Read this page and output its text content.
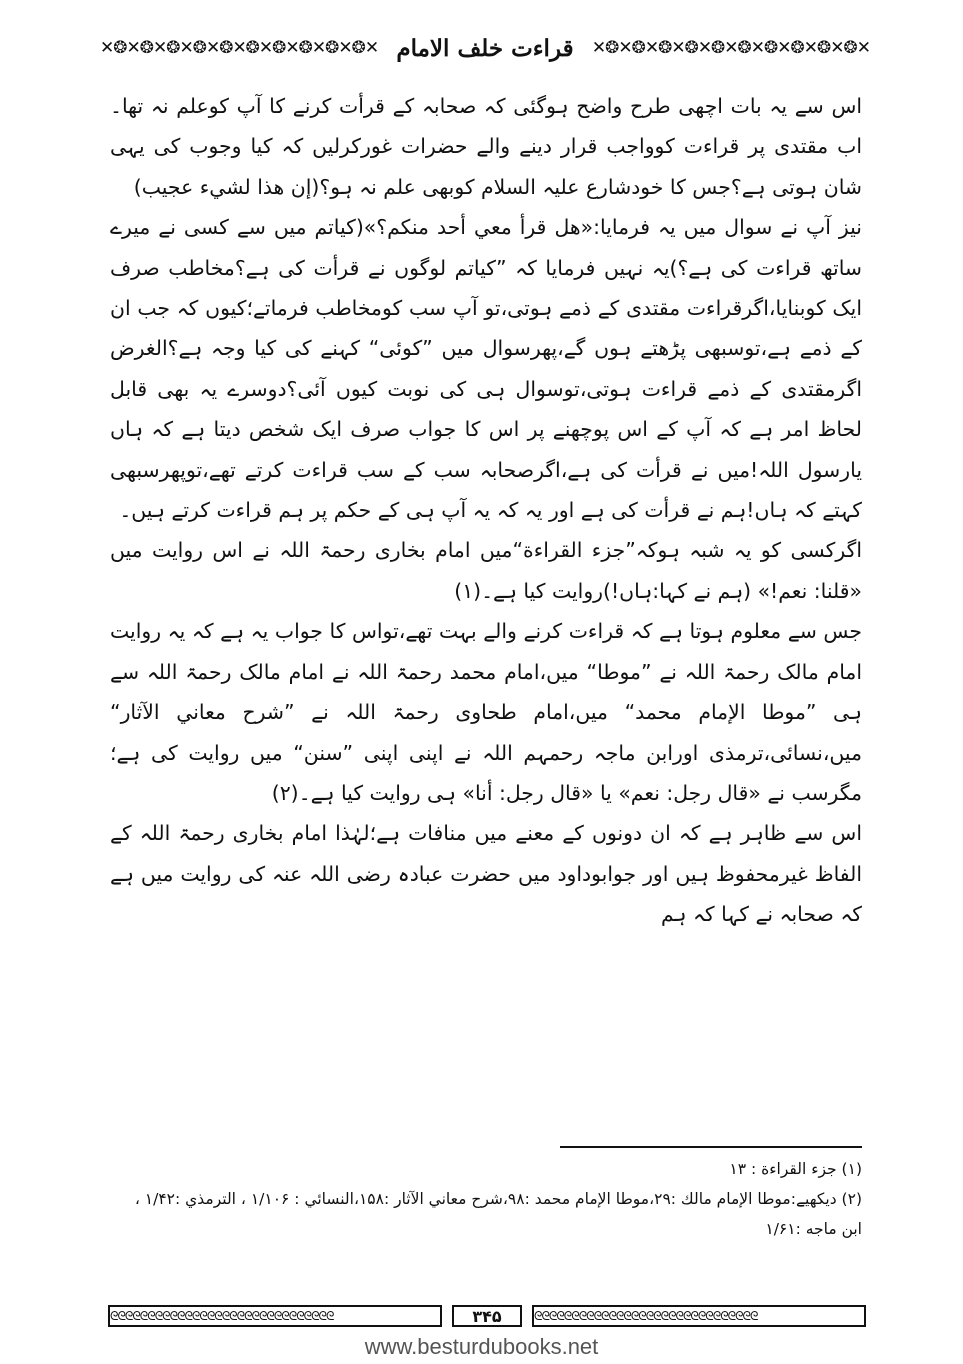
✕❂✕❂✕❂✕❂✕❂✕❂✕❂✕❂✕❂✕❂✕ قراءت خلف الامام	✕❂✕❂✕❂✕❂✕❂✕❂✕❂✕❂✕❂✕❂✕

اس سے یہ بات اچھی طرح واضح ہوگئی کہ صحابہ کے قرأت کرنے کا آپ کوعلم نہ تھا۔اب مقتدی پر قراءت کوواجب قرار دینے والے حضرات غورکرلیں کہ کیا وجوب کی یہی شان ہوتی ہے؟جس کا خودشارع علیہ السلام کوبھی علم نہ ہو؟(إن هذا لشيء عجيب)

نیز آپ نے سوال میں یہ فرمایا:«هل قرأ معي أحد منكم؟»(کیاتم میں سے کسی نے میرے ساتھ قراءت کی ہے؟)یہ نہیں فرمایا کہ ”کیاتم لوگوں نے قرأت کی ہے؟مخاطب صرف ایک کوبنایا،اگرقراءت مقتدی کے ذمے ہوتی،تو آپ سب کومخاطب فرماتے؛کیوں کہ جب ان کے ذمے ہے،توسبھی پڑھتے ہوں گے،پھرسوال میں ”کوئی“ کہنے کی کیا وجہ ہے؟الغرض اگرمقتدی کے ذمے قراءت ہوتی،توسوال ہی کی نوبت کیوں آئی؟دوسرے یہ بھی قابل لحاظ امر ہے کہ آپ کے اس پوچھنے پر اس کا جواب صرف ایک شخص دیتا ہے کہ ہاں یارسول اللہ!میں نے قرأت کی ہے،اگرصحابہ سب کے سب قراءت کرتے تھے،توپھرسبھی کہتے کہ ہاں!ہم نے قرأت کی ہے اور یہ کہ یہ آپ ہی کے حکم پر ہم قراءت کرتے ہیں۔

اگرکسی کو یہ شبہ ہوکہ”جزء القراءة“میں امام بخاری رحمۃ اللہ نے اس روایت میں «قلنا: نعم!» (ہم نے کہا:ہاں!)روایت کیا ہے۔(۱)

جس سے معلوم ہوتا ہے کہ قراءت کرنے والے بہت تھے،تواس کا جواب یہ ہے کہ یہ روایت امام مالک رحمۃ اللہ نے ”موطا“ میں،امام محمد رحمۃ اللہ نے امام مالک رحمۃ اللہ سے ہی ”موطا الإمام محمد“ میں،امام طحاوی رحمۃ اللہ نے ”شرح معاني الآثار“ میں،نسائی،ترمذی اورابن ماجہ رحمہم اللہ نے اپنی اپنی ”سنن“ میں روایت کی ہے؛مگرسب نے «قال رجل: نعم» یا «قال رجل: أنا» ہی روایت کیا ہے۔(۲)

اس سے ظاہر ہے کہ ان دونوں کے معنے میں منافات ہے؛لہٰذا امام بخاری رحمۃ اللہ کے الفاظ غیرمحفوظ ہیں اور جوابوداود میں حضرت عبادہ رضی اللہ عنہ کی روایت میں ہے کہ صحابہ نے کہا کہ ہم

(۱) جزء القراءة : ۱۳

(۲) دیکھیے:موطا الإمام مالك :۲۹،موطا الإمام محمد :۹۸،شرح معاني الآثار :۱۵۸،النسائي : ۱/۱۰۶ ، الترمذي :۱/۴۲ ، ابن ماجه :۱/۶۱

ᘓᘓᘓᘓᘓᘓᘓᘓᘓᘓᘓᘓᘓᘓᘓᘓᘓᘓᘓᘓᘓᘓᘓᘓᘓᘓᘓᘓᘓᘓ	۳۴۵	ᘓᘓᘓᘓᘓᘓᘓᘓᘓᘓᘓᘓᘓᘓᘓᘓᘓᘓᘓᘓᘓᘓᘓᘓᘓᘓᘓᘓᘓᘓ
www.besturdubooks.net
